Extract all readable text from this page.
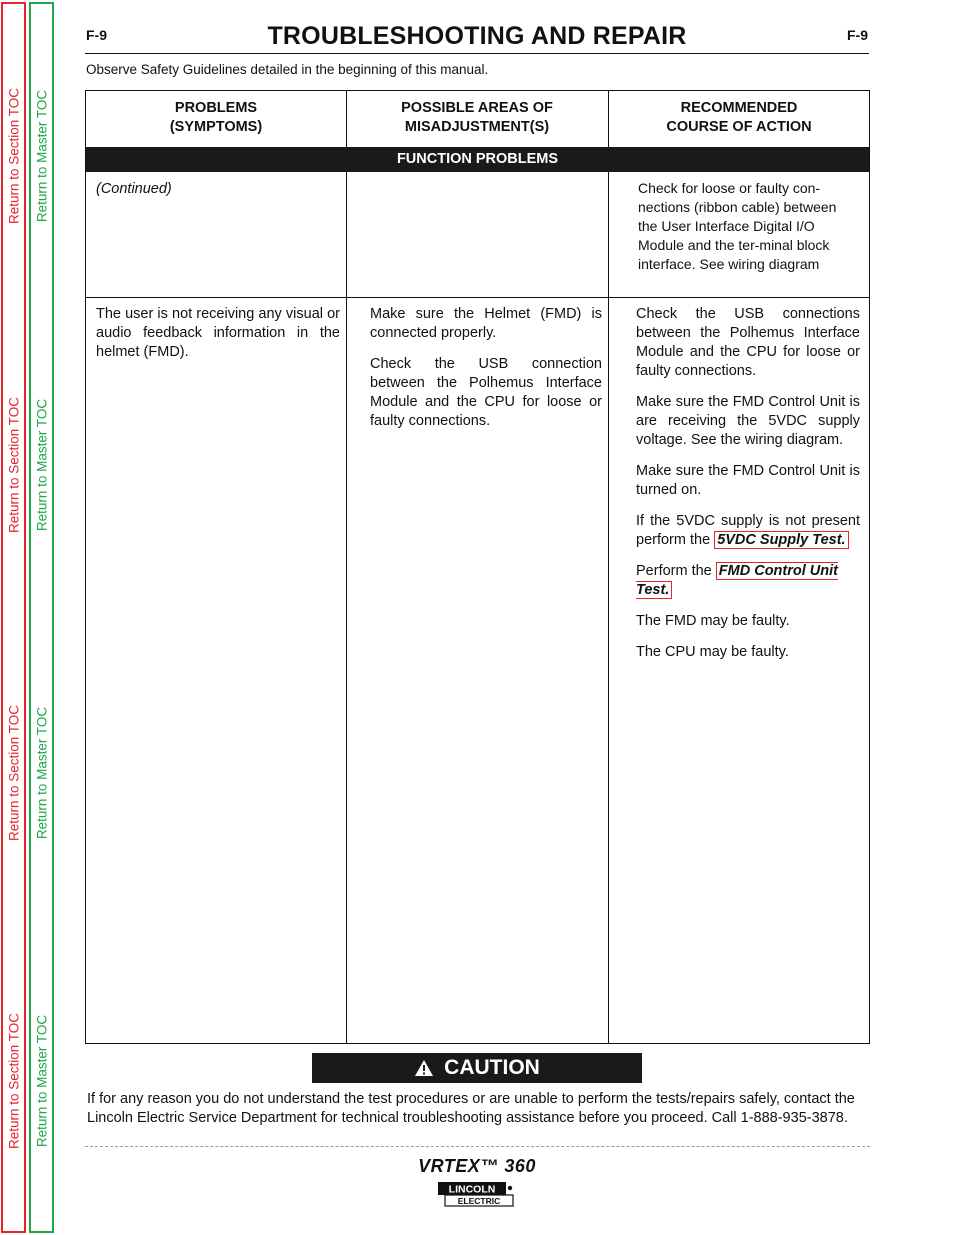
Return to Section TOC
Return to Section TOC
Return to Section TOC
Return to Section TOC
Return to Master TOC
Return to Master TOC
Return to Master TOC
Return to Master TOC
F-9	F-9
TROUBLESHOOTING AND REPAIR
Observe Safety Guidelines detailed in the beginning of this manual.
PROBLEMS
(SYMPTOMS)
POSSIBLE AREAS OF
MISADJUSTMENT(S)
RECOMMENDED
COURSE OF ACTION
FUNCTION PROBLEMS
(Continued)	Check for loose or faulty con-nections (ribbon cable) between the User Interface Digital I/O Module and the ter-minal block interface. See wiring diagram
The user is not receiving any visual or audio feedback information in the helmet (FMD).

Make sure the Helmet (FMD) is connected properly.

Check the USB connection between the Polhemus Interface Module and the CPU for loose or faulty connections.

Check the USB connections between the Polhemus Interface Module and the CPU for loose or faulty connections.

Make sure the FMD Control Unit is are receiving the 5VDC supply voltage. See the wiring diagram.

Make sure the FMD Control Unit is turned on.

If the 5VDC supply is not present perform the 5VDC Supply Test.

Perform the FMD Control Unit Test.

The FMD may be faulty.

The CPU may be faulty.

CAUTION
If for any reason you do not understand the test procedures or are unable to perform the tests/repairs safely, contact the Lincoln Electric Service Department for technical troubleshooting assistance before you proceed. Call 1-888-935-3878.
VRTEX™ 360
LINCOLN
ELECTRIC
